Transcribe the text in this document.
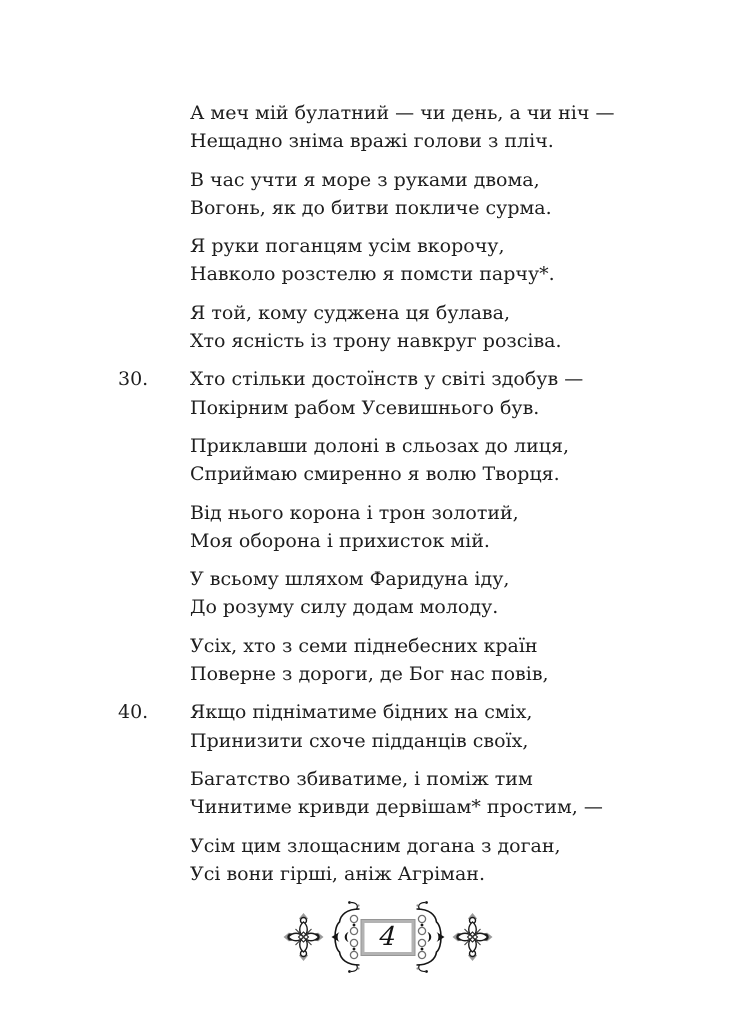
А меч мій булатний — чи день, а чи ніч —

Нещадно зніма вражі голови з пліч.

В час учти я море з руками двома,

Вогонь, як до битви покличе сурма.

Я руки поганцям усім вкорочу,

Навколо розстелю я помсти парчу*.

Я той, кому суджена ця булава,

Хто ясність із трону навкруг розсіва.

30. Хто стільки достоїнств у світі здобув —

Покірним рабом Усевишнього був.

Приклавши долоні в сльозах до лиця,

Сприймаю смиренно я волю Творця.

Від нього корона і трон золотий,

Моя оборона і прихисток мій.

У всьому шляхом Фаридуна іду,

До розуму силу додам молоду.

Усіх, хто з семи піднебесних країн

Поверне з дороги, де Бог нас повів,

40. Якщо підніматиме бідних на сміх,

Принизити схоче підданців своїх,

Багатство збиватиме, і поміж тим

Чинитиме кривди дервішам* простим, —

Усім цим злощасним догана з доган,

Усі вони гірші, аніж Агріман.

4
